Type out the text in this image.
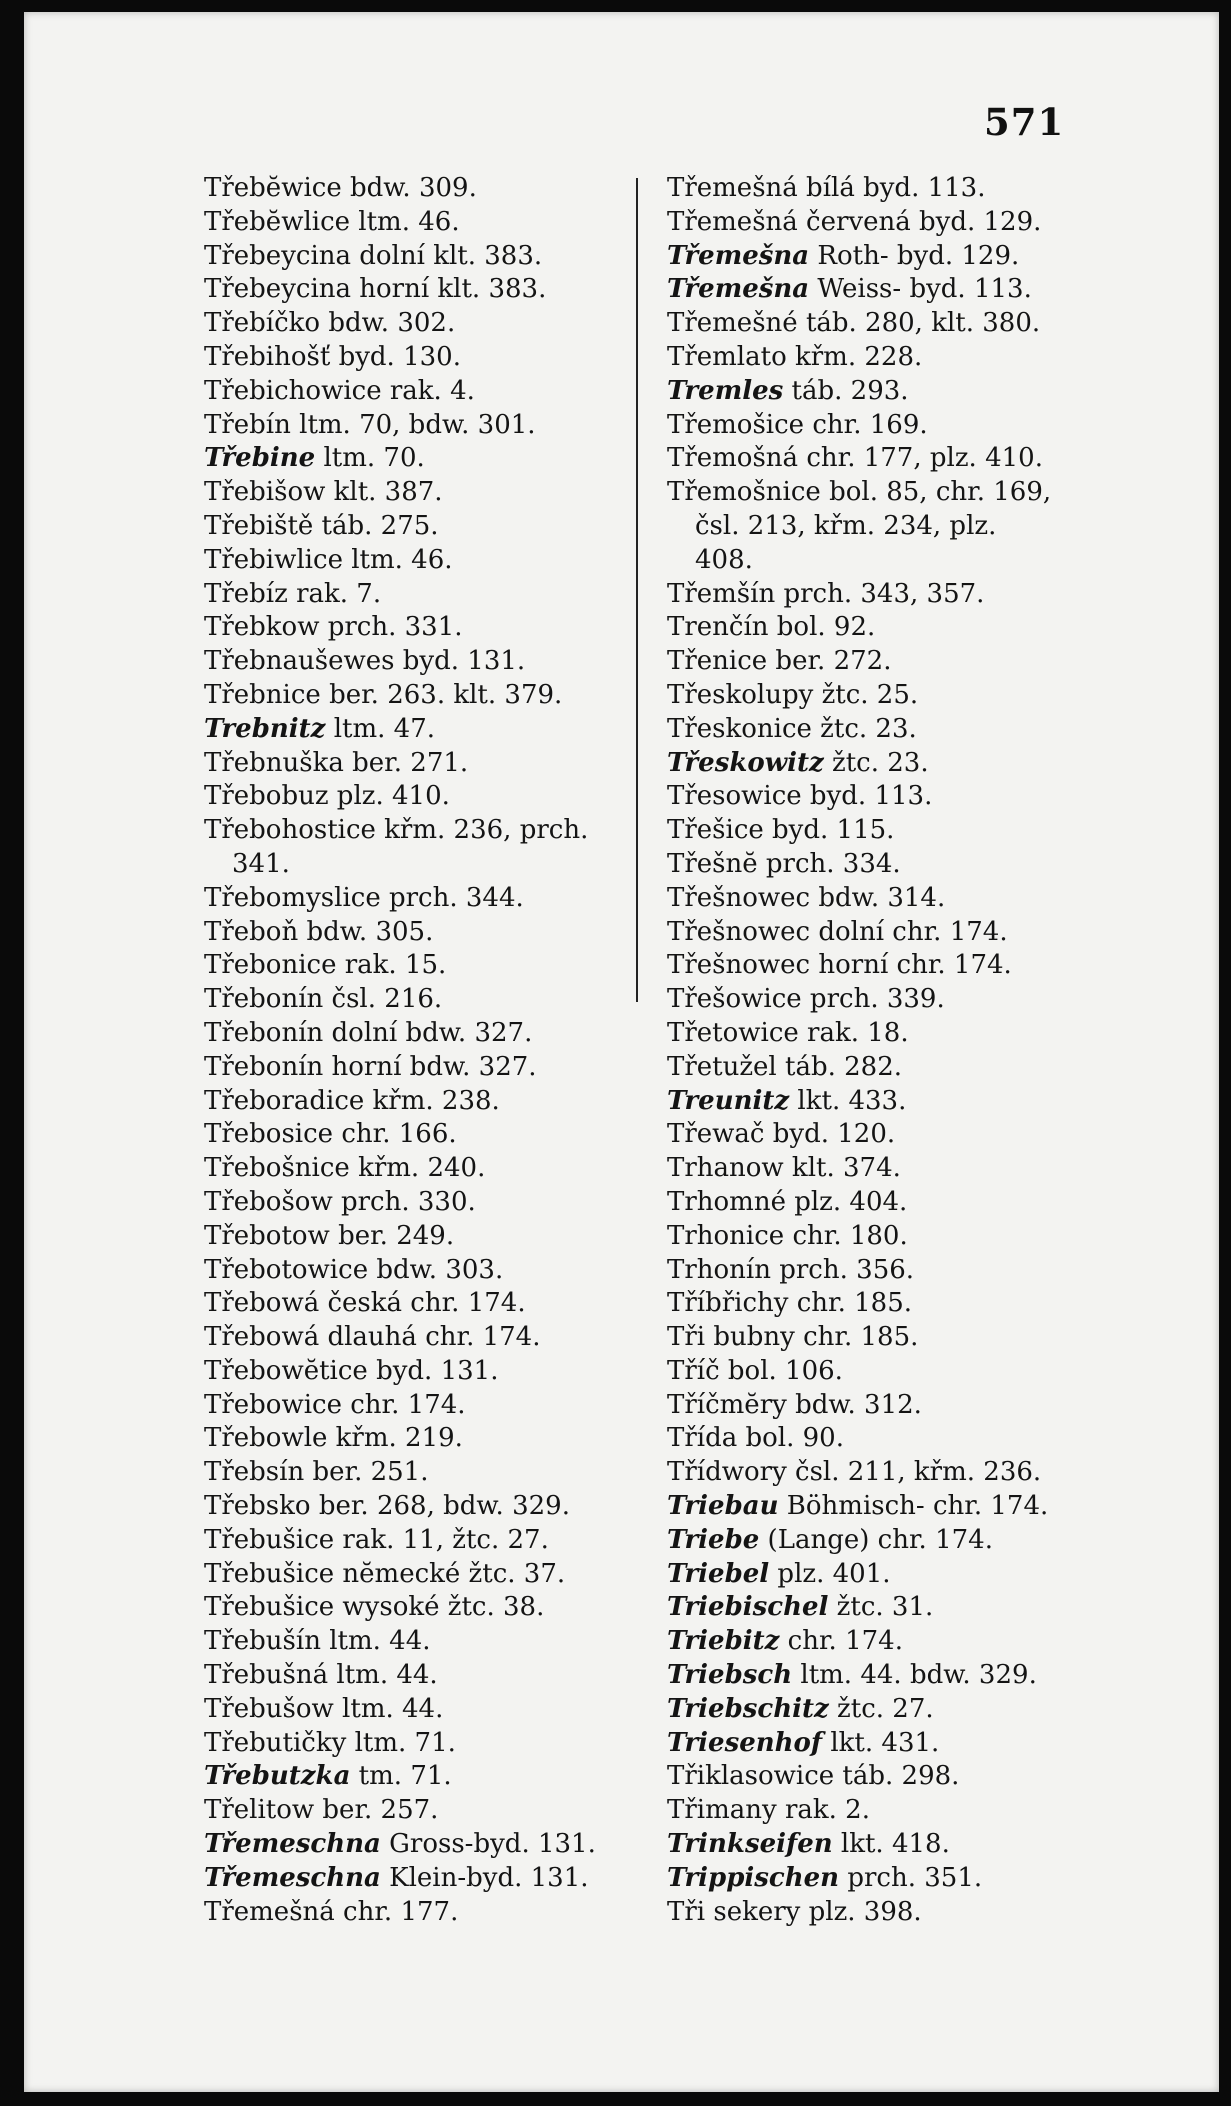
571
Třebĕwice bdw. 309.
Třebĕwlice ltm. 46.
Třebeycina dolní klt. 383.
Třebeycina horní klt. 383.
Třebíčko bdw. 302.
Třebihošť byd. 130.
Třebichowice rak. 4.
Třebín ltm. 70, bdw. 301.
Třebine ltm. 70.
Třebišow klt. 387.
Třebiště táb. 275.
Třebiwlice ltm. 46.
Třebíz rak. 7.
Třebkow prch. 331.
Třebnaušewes byd. 131.
Třebnice ber. 263. klt. 379.
Trebnitz ltm. 47.
Třebnuška ber. 271.
Třebobuz plz. 410.
Třebohostice křm. 236, prch.
341.
Třebomyslice prch. 344.
Třeboň bdw. 305.
Třebonice rak. 15.
Třebonín čsl. 216.
Třebonín dolní bdw. 327.
Třebonín horní bdw. 327.
Třeboradice křm. 238.
Třebosice chr. 166.
Třebošnice křm. 240.
Třebošow prch. 330.
Třebotow ber. 249.
Třebotowice bdw. 303.
Třebowá česká chr. 174.
Třebowá dlauhá chr. 174.
Třebowĕtice byd. 131.
Třebowice chr. 174.
Třebowle křm. 219.
Třebsín ber. 251.
Třebsko ber. 268, bdw. 329.
Třebušice rak. 11, žtc. 27.
Třebušice nĕmecké žtc. 37.
Třebušice wysoké žtc. 38.
Třebušín ltm. 44.
Třebušná ltm. 44.
Třebušow ltm. 44.
Třebutičky ltm. 71.
Třebutzka tm. 71.
Třelitow ber. 257.
Třemeschna Gross-byd. 131.
Třemeschna Klein-byd. 131.
Třemešná chr. 177.
Třemešná bílá byd. 113.
Třemešná červená byd. 129.
Třemešna Roth- byd. 129.
Třemešna Weiss- byd. 113.
Třemešné táb. 280, klt. 380.
Třemlato křm. 228.
Tremles táb. 293.
Třemošice chr. 169.
Třemošná chr. 177, plz. 410.
Třemošnice bol. 85, chr. 169,
čsl. 213, křm. 234, plz.
408.
Třemšín prch. 343, 357.
Trenčín bol. 92.
Třenice ber. 272.
Třeskolupy žtc. 25.
Třeskonice žtc. 23.
Třeskowitz žtc. 23.
Třesowice byd. 113.
Třešice byd. 115.
Třešnĕ prch. 334.
Třešnowec bdw. 314.
Třešnowec dolní chr. 174.
Třešnowec horní chr. 174.
Třešowice prch. 339.
Třetowice rak. 18.
Třetužel táb. 282.
Treunitz lkt. 433.
Třewač byd. 120.
Trhanow klt. 374.
Trhomné plz. 404.
Trhonice chr. 180.
Trhonín prch. 356.
Tříbřichy chr. 185.
Tři bubny chr. 185.
Tříč bol. 106.
Tříčmĕry bdw. 312.
Třída bol. 90.
Třídwory čsl. 211, křm. 236.
Triebau Böhmisch- chr. 174.
Triebe (Lange) chr. 174.
Triebel plz. 401.
Triebischel žtc. 31.
Triebitz chr. 174.
Triebsch ltm. 44. bdw. 329.
Triebschitz žtc. 27.
Triesenhof lkt. 431.
Třiklasowice táb. 298.
Třimany rak. 2.
Trinkseifen lkt. 418.
Trippischen prch. 351.
Tři sekery plz. 398.
